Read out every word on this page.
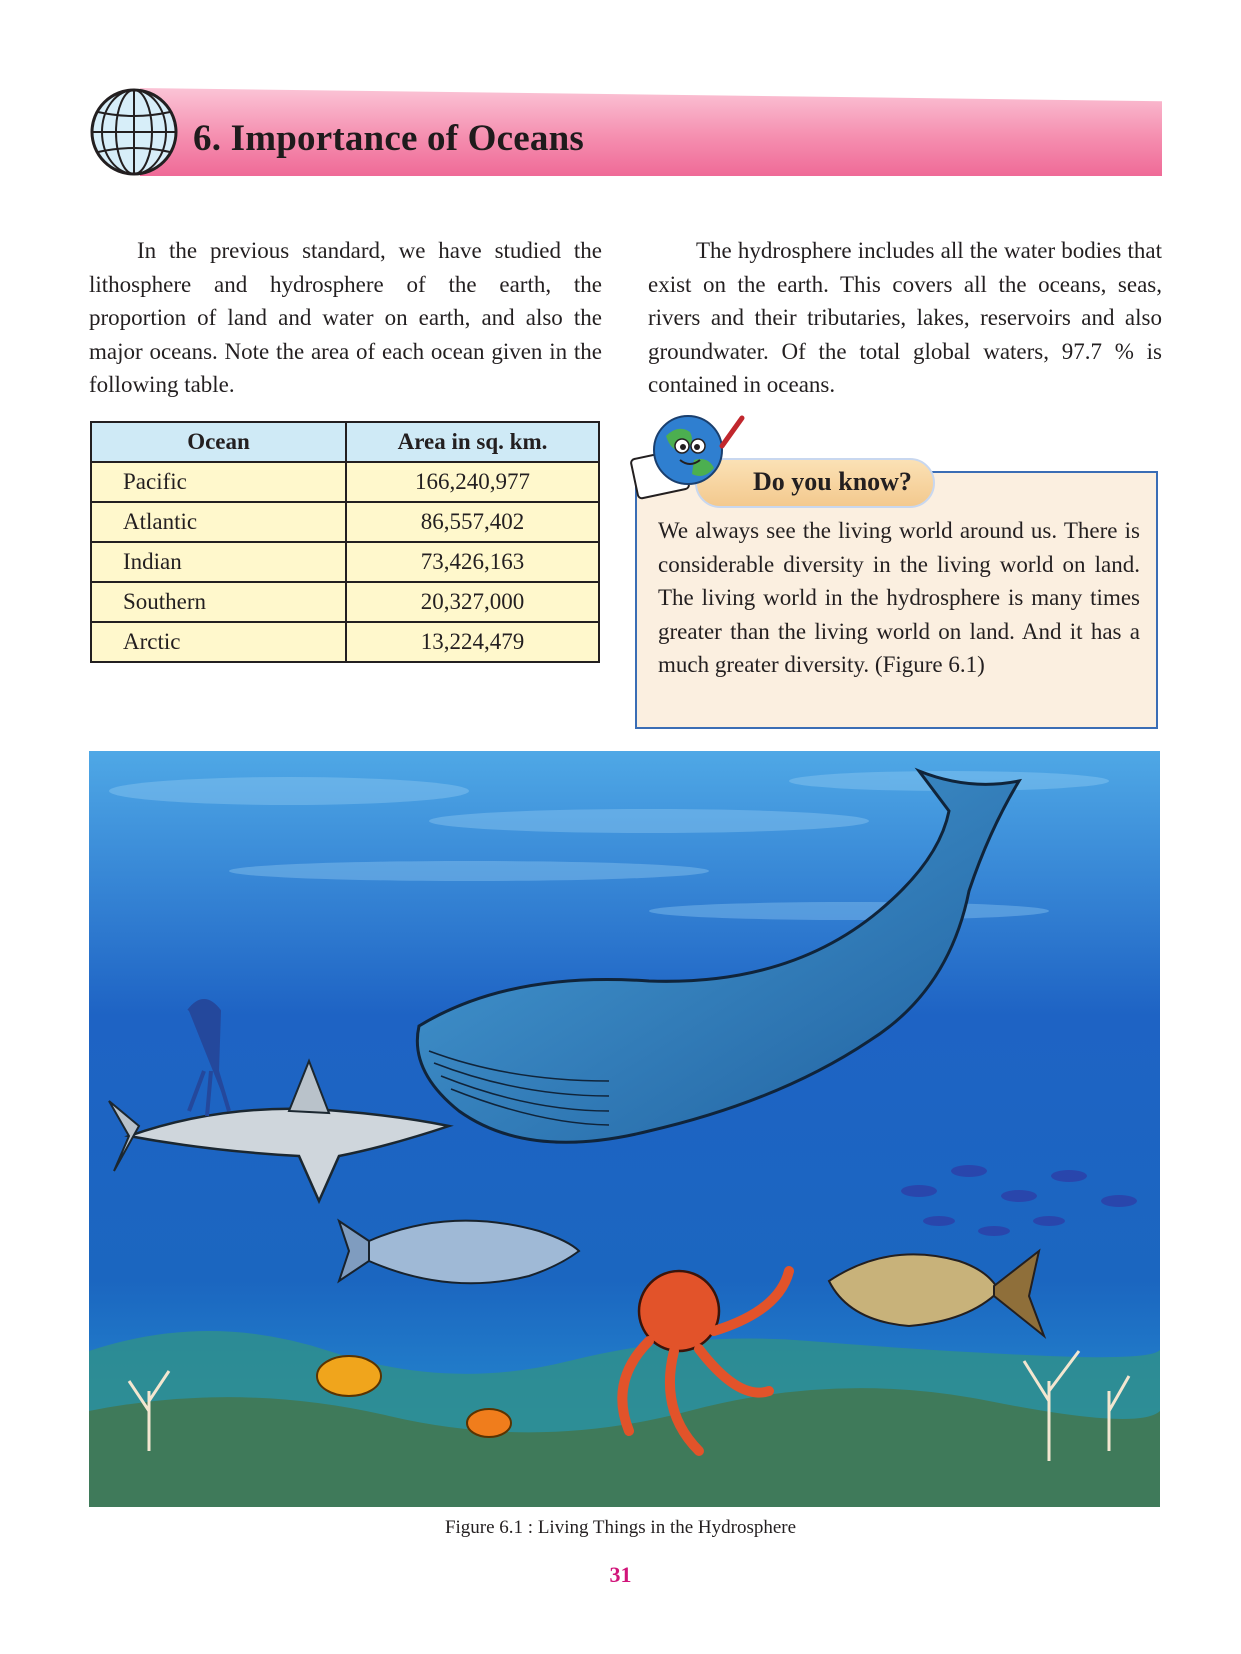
6. Importance of Oceans

In the previous standard, we have studied the lithosphere and hydrosphere of the earth, the proportion of land and water on earth, and also the major oceans. Note the area of each ocean given in the following table.

The hydrosphere includes all the water bodies that exist on the earth. This covers all the oceans, seas, rivers and their tributaries, lakes, reservoirs and also groundwater. Of the total global waters, 97.7 % is contained in oceans.

Ocean	Area in sq. km.
Pacific	166,240,977
Atlantic	86,557,402
Indian	73,426,163
Southern	20,327,000
Arctic	13,224,479
Do you know?

We always see the living world around us. There is considerable diversity in the living world on land. The living world in the hydrosphere is many times greater than the living world on land. And it has a much greater diversity. (Figure 6.1)

Figure 6.1 : Living Things in the Hydrosphere

31
